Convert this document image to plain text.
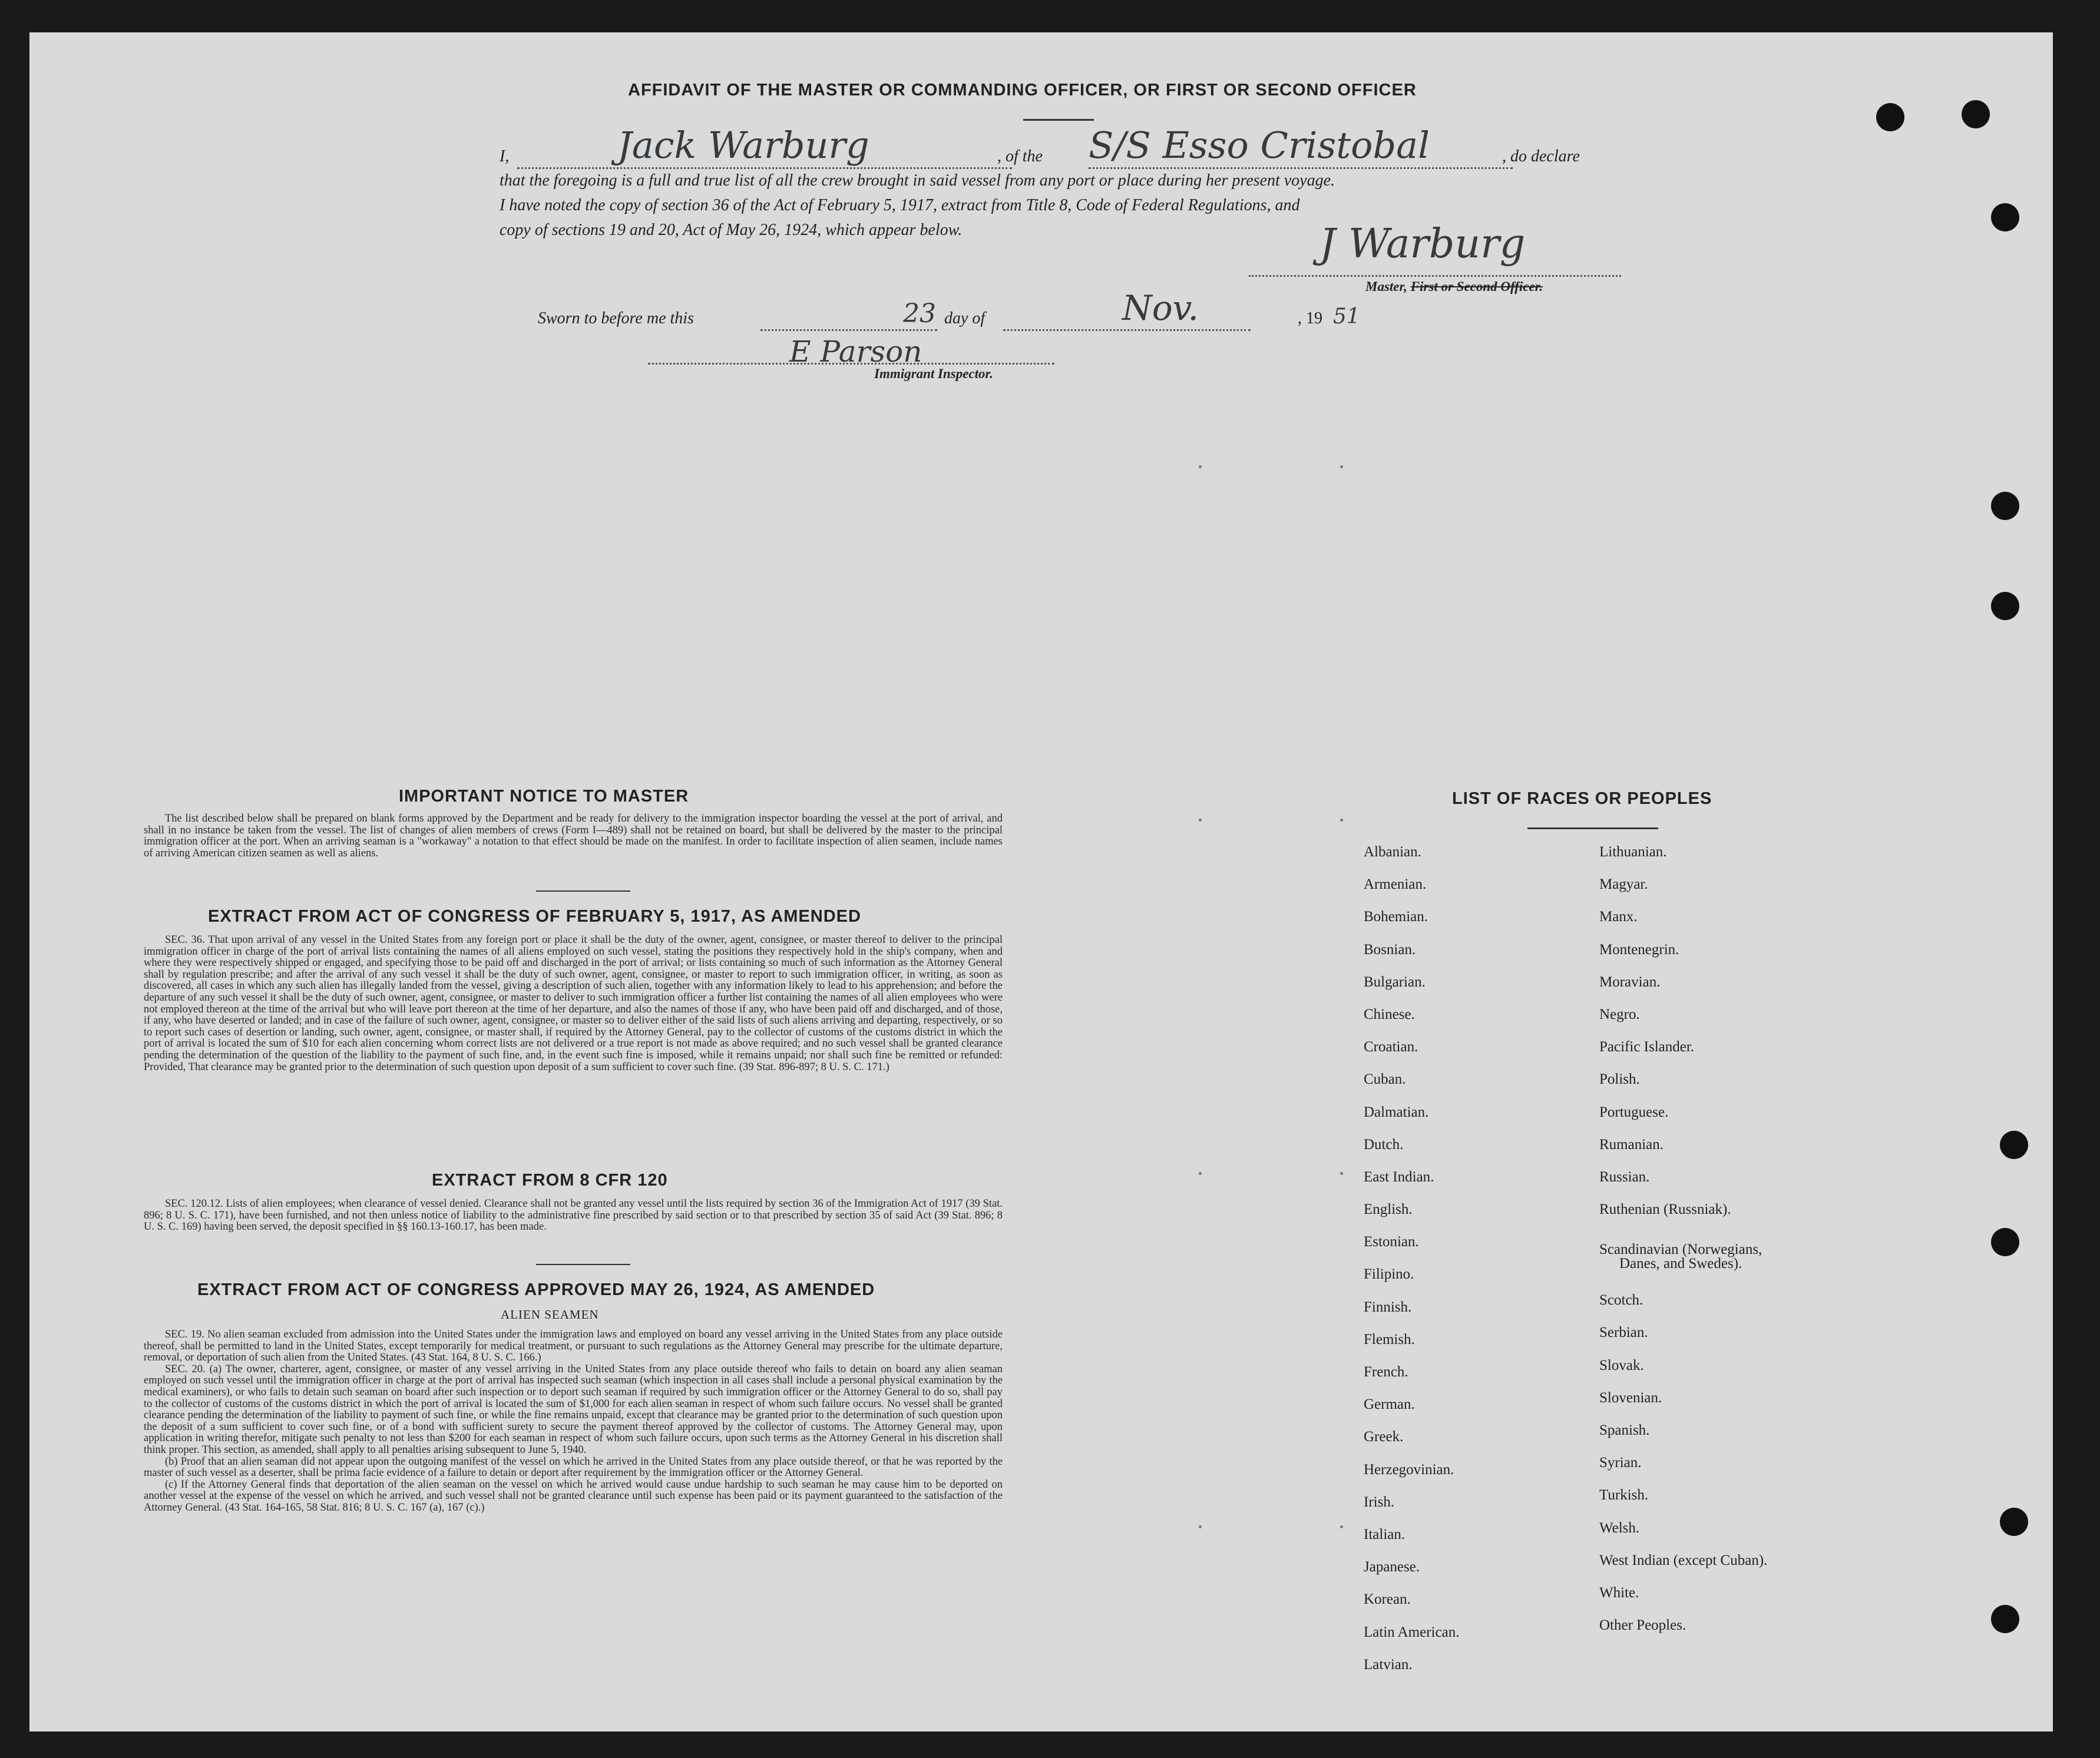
AFFIDAVIT OF THE MASTER OR COMMANDING OFFICER, OR FIRST OR SECOND OFFICER
I,	Jack Warburg	, of the S/S Esso Cristobal	, do declare
that the foregoing is a full and true list of all the crew brought in said vessel from any port or place during her present voyage.
I have noted the copy of section 36 of the Act of February 5, 1917, extract from Title 8, Code of Federal Regulations, and
copy of sections 19 and 20, Act of May 26, 1924, which appear below.	J Warburg
Master, First or Second Officer.
Sworn to before me this	23 day of	Nov.	, 19 51
E Parson
Immigrant Inspector.
IMPORTANT NOTICE TO MASTER

The list described below shall be prepared on blank forms approved by the Department and be ready for delivery to the immigration inspector boarding the vessel at the port of arrival, and shall in no instance be taken from the vessel. The list of changes of alien members of crews (Form I—489) shall not be retained on board, but shall be delivered by the master to the principal immigration officer at the port. When an arriving seaman is a "workaway" a notation to that effect should be made on the manifest. In order to facilitate inspection of alien seamen, include names of arriving American citizen seamen as well as aliens.

EXTRACT FROM ACT OF CONGRESS OF FEBRUARY 5, 1917, AS AMENDED

SEC. 36. That upon arrival of any vessel in the United States from any foreign port or place it shall be the duty of the owner, agent, consignee, or master thereof to deliver to the principal immigration officer in charge of the port of arrival lists containing the names of all aliens employed on such vessel, stating the positions they respectively hold in the ship's company, when and where they were respectively shipped or engaged, and specifying those to be paid off and discharged in the port of arrival; or lists containing so much of such information as the Attorney General shall by regulation prescribe; and after the arrival of any such vessel it shall be the duty of such owner, agent, consignee, or master to report to such immigration officer, in writing, as soon as discovered, all cases in which any such alien has illegally landed from the vessel, giving a description of such alien, together with any information likely to lead to his apprehension; and before the departure of any such vessel it shall be the duty of such owner, agent, consignee, or master to deliver to such immigration officer a further list containing the names of all alien employees who were not employed thereon at the time of the arrival but who will leave port thereon at the time of her departure, and also the names of those if any, who have been paid off and discharged, and of those, if any, who have deserted or landed; and in case of the failure of such owner, agent, consignee, or master so to deliver either of the said lists of such aliens arriving and departing, respectively, or so to report such cases of desertion or landing, such owner, agent, consignee, or master shall, if required by the Attorney General, pay to the collector of customs of the customs district in which the port of arrival is located the sum of $10 for each alien concerning whom correct lists are not delivered or a true report is not made as above required; and no such vessel shall be granted clearance pending the determination of the question of the liability to the payment of such fine, and, in the event such fine is imposed, while it remains unpaid; nor shall such fine be remitted or refunded: Provided, That clearance may be granted prior to the determination of such question upon deposit of a sum sufficient to cover such fine. (39 Stat. 896-897; 8 U. S. C. 171.)

EXTRACT FROM 8 CFR 120

SEC. 120.12. Lists of alien employees; when clearance of vessel denied. Clearance shall not be granted any vessel until the lists required by section 36 of the Immigration Act of 1917 (39 Stat. 896; 8 U. S. C. 171), have been furnished, and not then unless notice of liability to the administrative fine prescribed by said section or to that prescribed by section 35 of said Act (39 Stat. 896; 8 U. S. C. 169) having been served, the deposit specified in §§ 160.13-160.17, has been made.

EXTRACT FROM ACT OF CONGRESS APPROVED MAY 26, 1924, AS AMENDED
ALIEN SEAMEN

SEC. 19. No alien seaman excluded from admission into the United States under the immigration laws and employed on board any vessel arriving in the United States from any place outside thereof, shall be permitted to land in the United States, except temporarily for medical treatment, or pursuant to such regulations as the Attorney General may prescribe for the ultimate departure, removal, or deportation of such alien from the United States. (43 Stat. 164, 8 U. S. C. 166.)

SEC. 20. (a) The owner, charterer, agent, consignee, or master of any vessel arriving in the United States from any place outside thereof who fails to detain on board any alien seaman employed on such vessel until the immigration officer in charge at the port of arrival has inspected such seaman (which inspection in all cases shall include a personal physical examination by the medical examiners), or who fails to detain such seaman on board after such inspection or to deport such seaman if required by such immigration officer or the Attorney General to do so, shall pay to the collector of customs of the customs district in which the port of arrival is located the sum of $1,000 for each alien seaman in respect of whom such failure occurs. No vessel shall be granted clearance pending the determination of the liability to payment of such fine, or while the fine remains unpaid, except that clearance may be granted prior to the determination of such question upon the deposit of a sum sufficient to cover such fine, or of a bond with sufficient surety to secure the payment thereof approved by the collector of customs. The Attorney General may, upon application in writing therefor, mitigate such penalty to not less than $200 for each seaman in respect of whom such failure occurs, upon such terms as the Attorney General in his discretion shall think proper. This section, as amended, shall apply to all penalties arising subsequent to June 5, 1940.

(b) Proof that an alien seaman did not appear upon the outgoing manifest of the vessel on which he arrived in the United States from any place outside thereof, or that he was reported by the master of such vessel as a deserter, shall be prima facie evidence of a failure to detain or deport after requirement by the immigration officer or the Attorney General.

(c) If the Attorney General finds that deportation of the alien seaman on the vessel on which he arrived would cause undue hardship to such seaman he may cause him to be deported on another vessel at the expense of the vessel on which he arrived, and such vessel shall not be granted clearance until such expense has been paid or its payment guaranteed to the satisfaction of the Attorney General. (43 Stat. 164-165, 58 Stat. 816; 8 U. S. C. 167 (a), 167 (c).)

LIST OF RACES OR PEOPLES
Albanian.
Armenian.
Bohemian.
Bosnian.
Bulgarian.
Chinese.
Croatian.
Cuban.
Dalmatian.
Dutch.
East Indian.
English.
Estonian.
Filipino.
Finnish.
Flemish.
French.
German.
Greek.
Herzegovinian.
Irish.
Italian.
Japanese.
Korean.
Latin American.
Latvian.
Lithuanian.
Magyar.
Manx.
Montenegrin.
Moravian.
Negro.
Pacific Islander.
Polish.
Portuguese.
Rumanian.
Russian.
Ruthenian (Russniak).
Scandinavian (Norwegians,
Danes, and Swedes).
Scotch.
Serbian.
Slovak.
Slovenian.
Spanish.
Syrian.
Turkish.
Welsh.
West Indian (except Cuban).
White.
Other Peoples.
